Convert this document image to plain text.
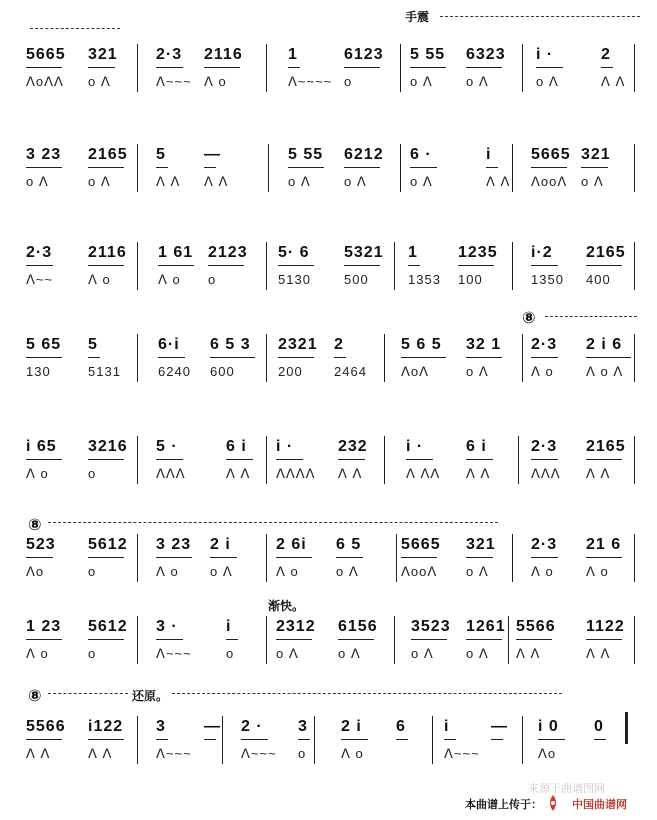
手震
5665
ᐱoᐱᐱ
321
o ᐱ
2·3
ᐱ~~~
2116
ᐱ o
1
ᐱ~~~~
6123
o
5 55
o ᐱ
6323
o ᐱ
i ·
o ᐱ
2
ᐱ ᐱ
3 23
o ᐱ
2165
o ᐱ
5
ᐱ ᐱ
—
ᐱ ᐱ
5 55
o ᐱ
6212
o ᐱ
6 ·
o ᐱ
i
ᐱ ᐱ
5665
ᐱooᐱ
321
o ᐱ
2·3
ᐱ~~
2116
ᐱ o
1 61
ᐱ o
2123
o
5· 6
5130
5321
500
1
1353
1235
100
i·2
1350
2165
400
5 65
130
5
5131
6·i
6240
6 5 3
600
2321
200
2
2464
5 6 5
ᐱoᐱ
32 1
o ᐱ
2·3
ᐱ o
2 i 6
ᐱ o ᐱ
i 65
ᐱ o
3216
o
5 ·
ᐱᐱᐱ
6 i
ᐱ ᐱ
i ·
ᐱᐱᐱᐱ
232
ᐱ ᐱ
i ·
ᐱ ᐱᐱ
6 i
ᐱ ᐱ
2·3
ᐱᐱᐱ
2165
ᐱ ᐱ
523
ᐱo
5612
o
3 23
ᐱ o
2 i
o ᐱ
2 6i
ᐱ o
6 5
o ᐱ
5665
ᐱooᐱ
321
o ᐱ
2·3
ᐱ o
21 6
ᐱ o
1 23
ᐱ o
5612
o
3 ·
ᐱ~~~
i
o
2312
o ᐱ
6156
o ᐱ
3523
o ᐱ
1261
o ᐱ
5566
ᐱ ᐱ
1122
ᐱ ᐱ
5566
ᐱ ᐱ
i122
ᐱ ᐱ
3
ᐱ~~~
— 2 ·
ᐱ~~~
3
o
2 i
ᐱ o
6 i
ᐱ~~~
— i 0
ᐱo
0
⑧
⑧
渐快。
⑧	还原。
来源于曲谱图网
本曲谱上传于：	中国曲谱网
